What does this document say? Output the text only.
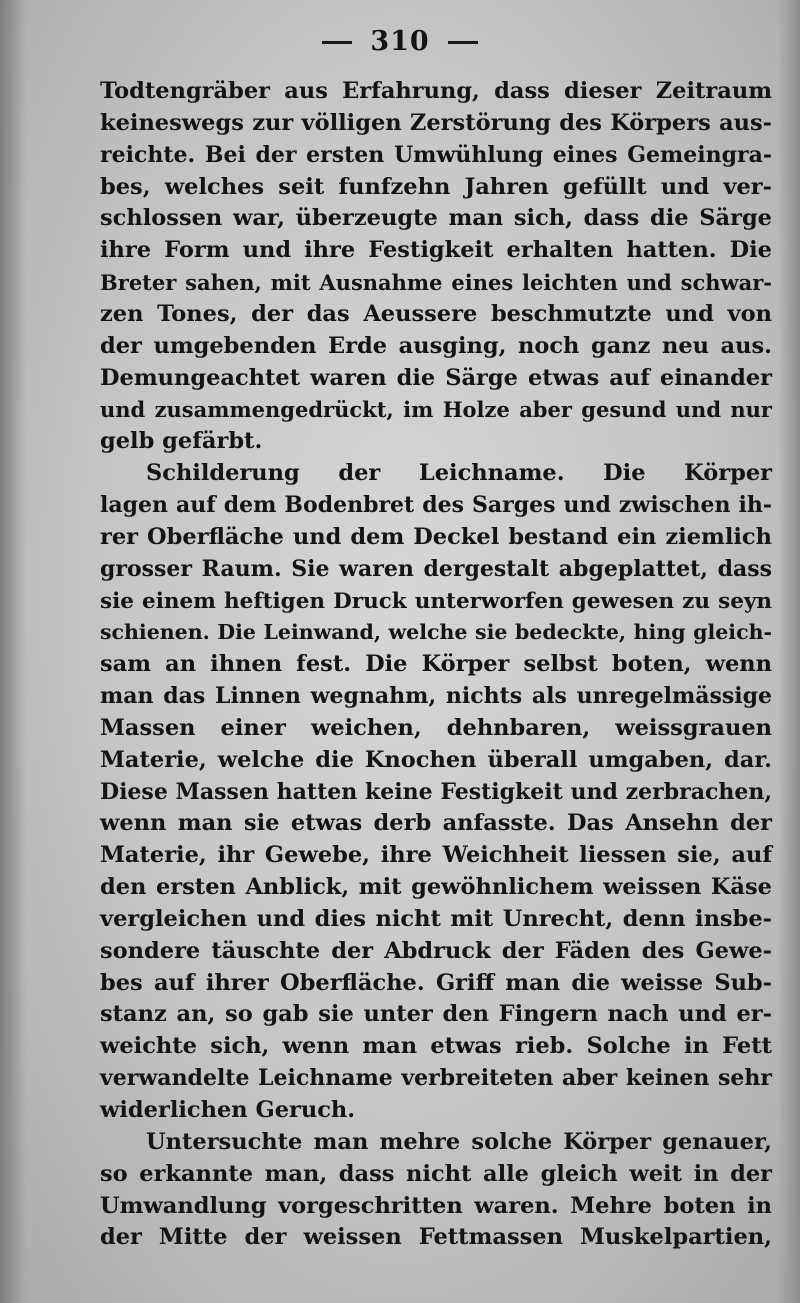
310
Todtengräber aus Erfahrung, dass dieser Zeitraum
keineswegs zur völligen Zerstörung des Körpers aus-
reichte. Bei der ersten Umwühlung eines Gemeingra-
bes, welches seit funfzehn Jahren gefüllt und ver-
schlossen war, überzeugte man sich, dass die Särge
ihre Form und ihre Festigkeit erhalten hatten. Die
Breter sahen, mit Ausnahme eines leichten und schwar-
zen Tones, der das Aeussere beschmutzte und von
der umgebenden Erde ausging, noch ganz neu aus.
Demungeachtet waren die Särge etwas auf einander
und zusammengedrückt, im Holze aber gesund und nur
gelb gefärbt.
Schilderung der Leichname. Die Körper
lagen auf dem Bodenbret des Sarges und zwischen ih-
rer Oberfläche und dem Deckel bestand ein ziemlich
grosser Raum. Sie waren dergestalt abgeplattet, dass
sie einem heftigen Druck unterworfen gewesen zu seyn
schienen. Die Leinwand, welche sie bedeckte, hing gleich-
sam an ihnen fest. Die Körper selbst boten, wenn
man das Linnen wegnahm, nichts als unregelmässige
Massen einer weichen, dehnbaren, weissgrauen
Materie, welche die Knochen überall umgaben, dar.
Diese Massen hatten keine Festigkeit und zerbrachen,
wenn man sie etwas derb anfasste. Das Ansehn der
Materie, ihr Gewebe, ihre Weichheit liessen sie, auf
den ersten Anblick, mit gewöhnlichem weissen Käse
vergleichen und dies nicht mit Unrecht, denn insbe-
sondere täuschte der Abdruck der Fäden des Gewe-
bes auf ihrer Oberfläche. Griff man die weisse Sub-
stanz an, so gab sie unter den Fingern nach und er-
weichte sich, wenn man etwas rieb. Solche in Fett
verwandelte Leichname verbreiteten aber keinen sehr
widerlichen Geruch.
Untersuchte man mehre solche Körper genauer,
so erkannte man, dass nicht alle gleich weit in der
Umwandlung vorgeschritten waren. Mehre boten in
der Mitte der weissen Fettmassen Muskelpartien,
